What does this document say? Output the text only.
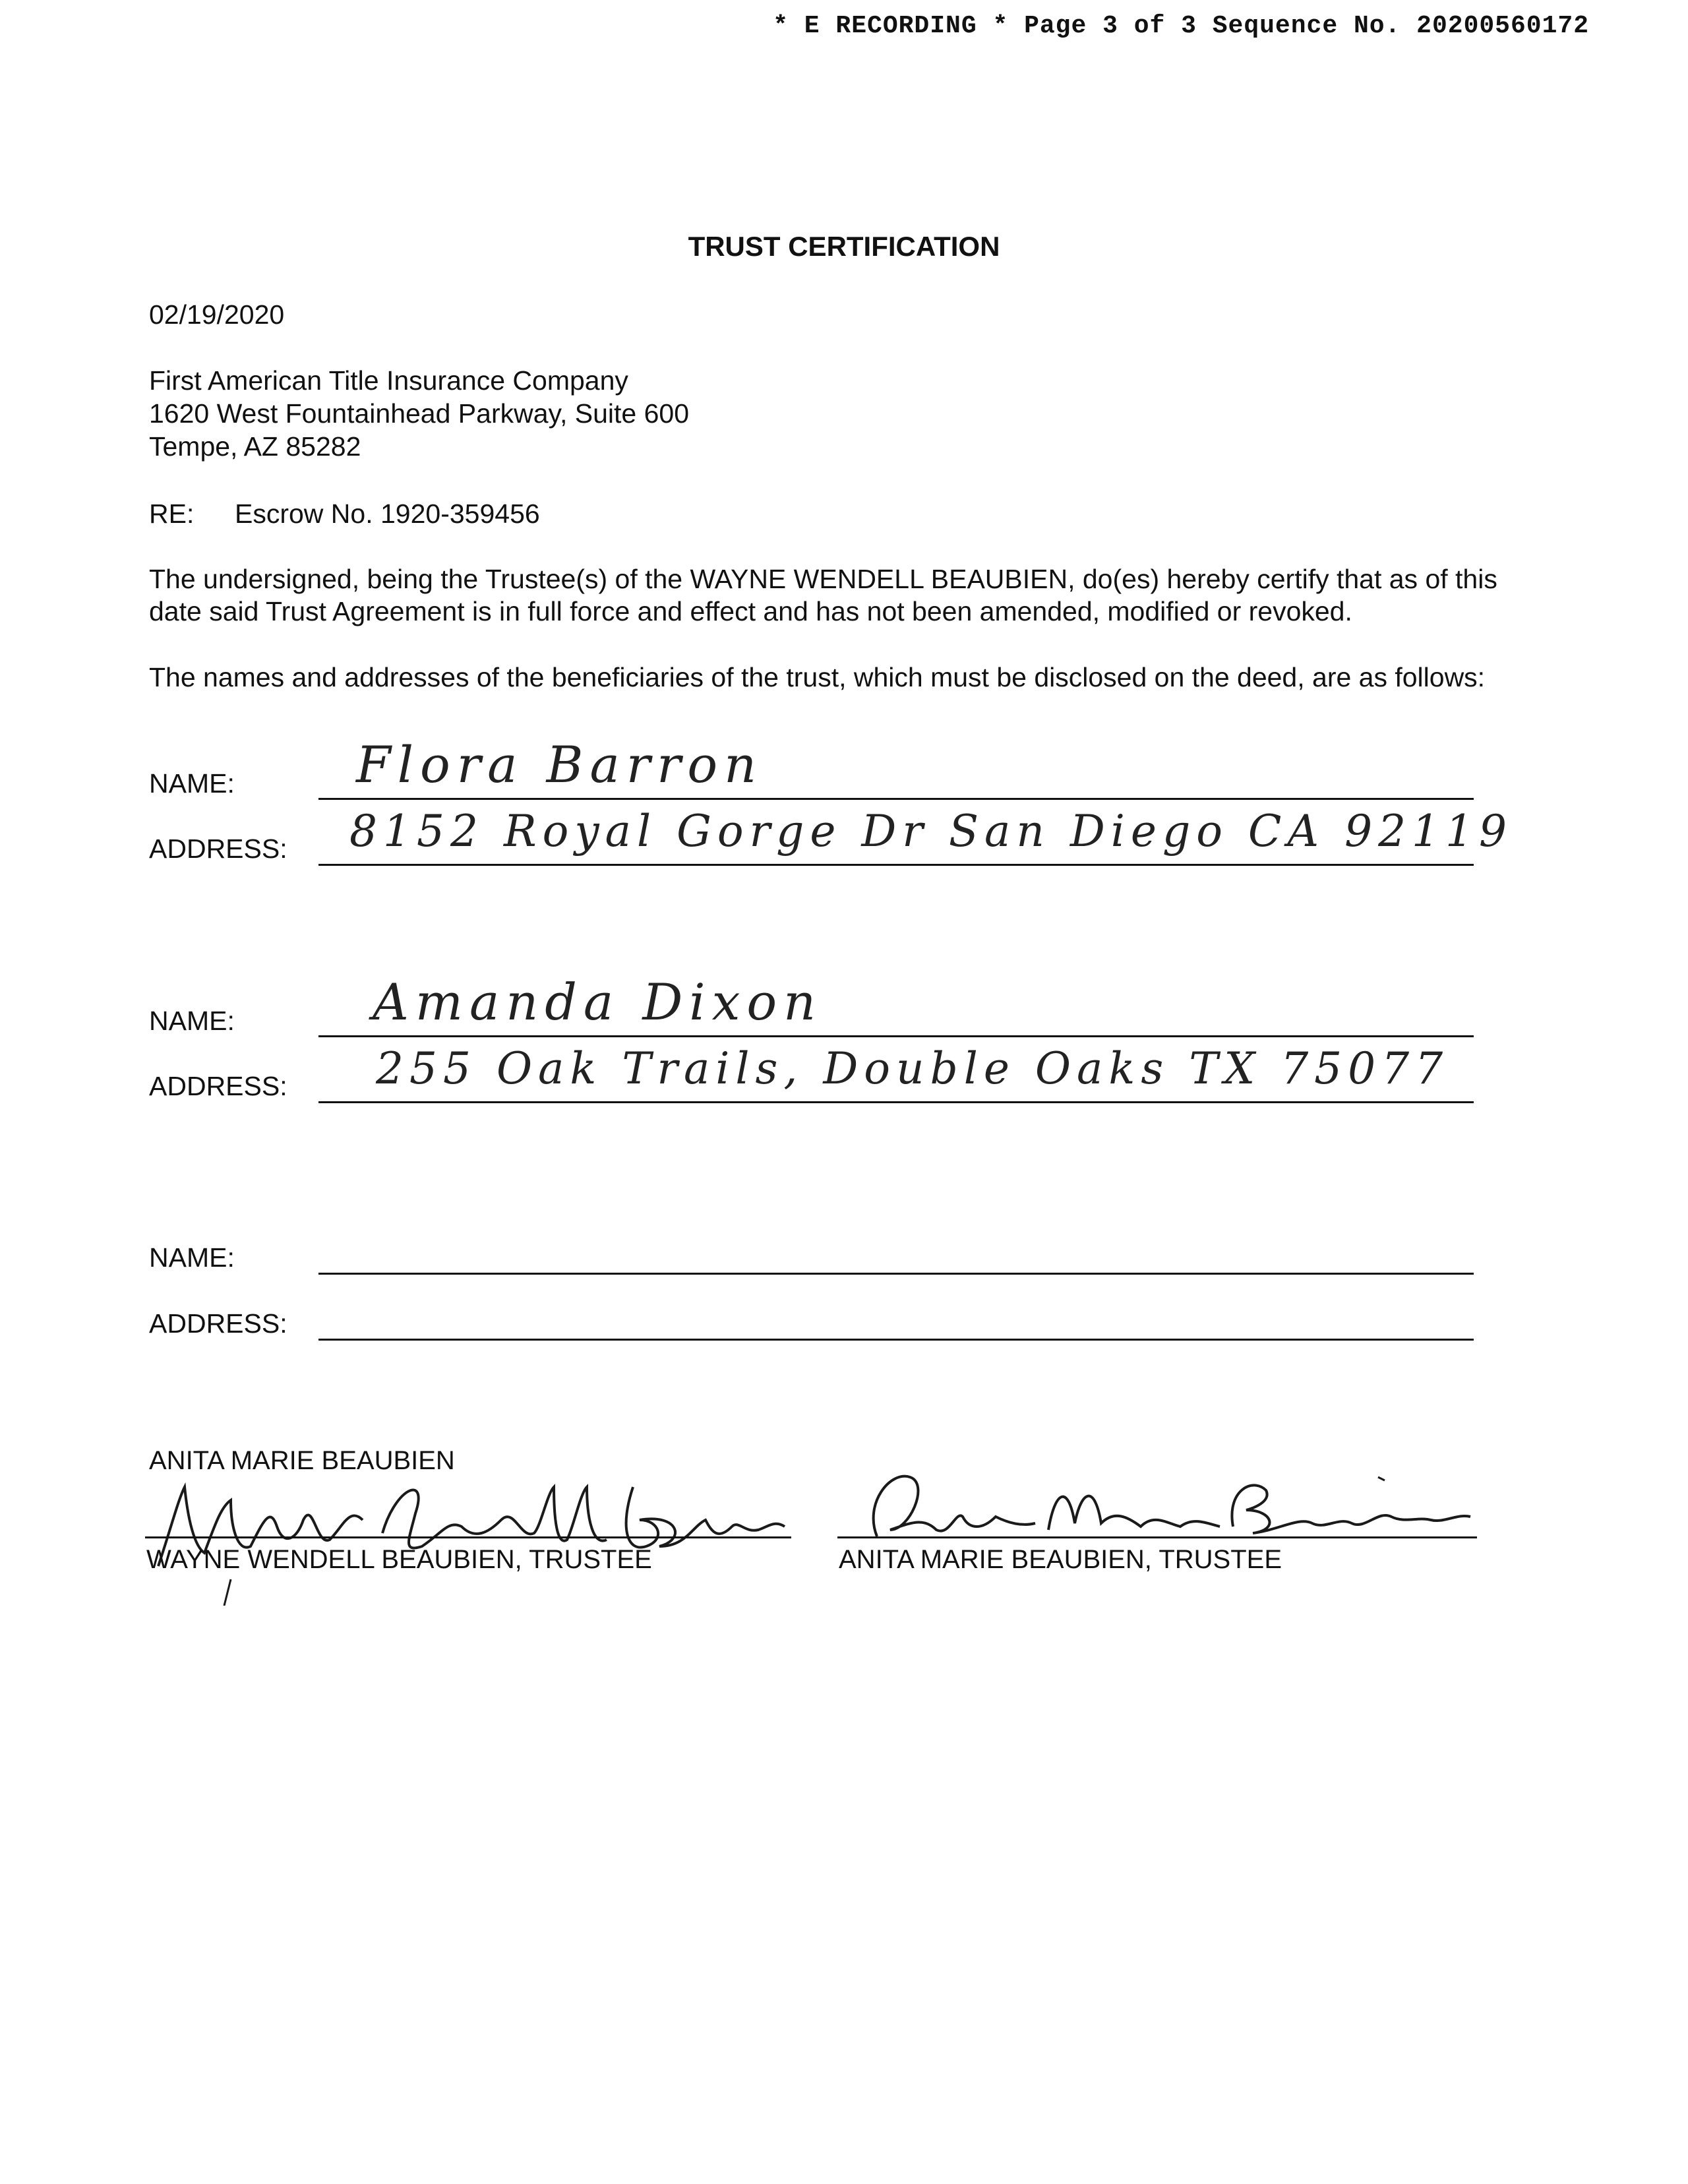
* E RECORDING * Page 3 of 3 Sequence No. 20200560172
TRUST CERTIFICATION
02/19/2020
First American Title Insurance Company
1620 West Fountainhead Parkway, Suite 600
Tempe, AZ 85282
RE: Escrow No. 1920-359456
The undersigned, being the Trustee(s) of the WAYNE WENDELL BEAUBIEN, do(es) hereby certify that as of this
date said Trust Agreement is in full force and effect and has not been amended, modified or revoked.
The names and addresses of the beneficiaries of the trust, which must be disclosed on the deed, are as follows:
NAME: Flora Barron
ADDRESS: 8152 Royal Gorge Dr San Diego CA 92119
NAME:	Amanda Dixon
ADDRESS: 255 Oak Trails, Double Oaks TX 75077
NAME:
ADDRESS:
ANITA MARIE BEAUBIEN
WAYNE WENDELL BEAUBIEN, TRUSTEE	ANITA MARIE BEAUBIEN, TRUSTEE
